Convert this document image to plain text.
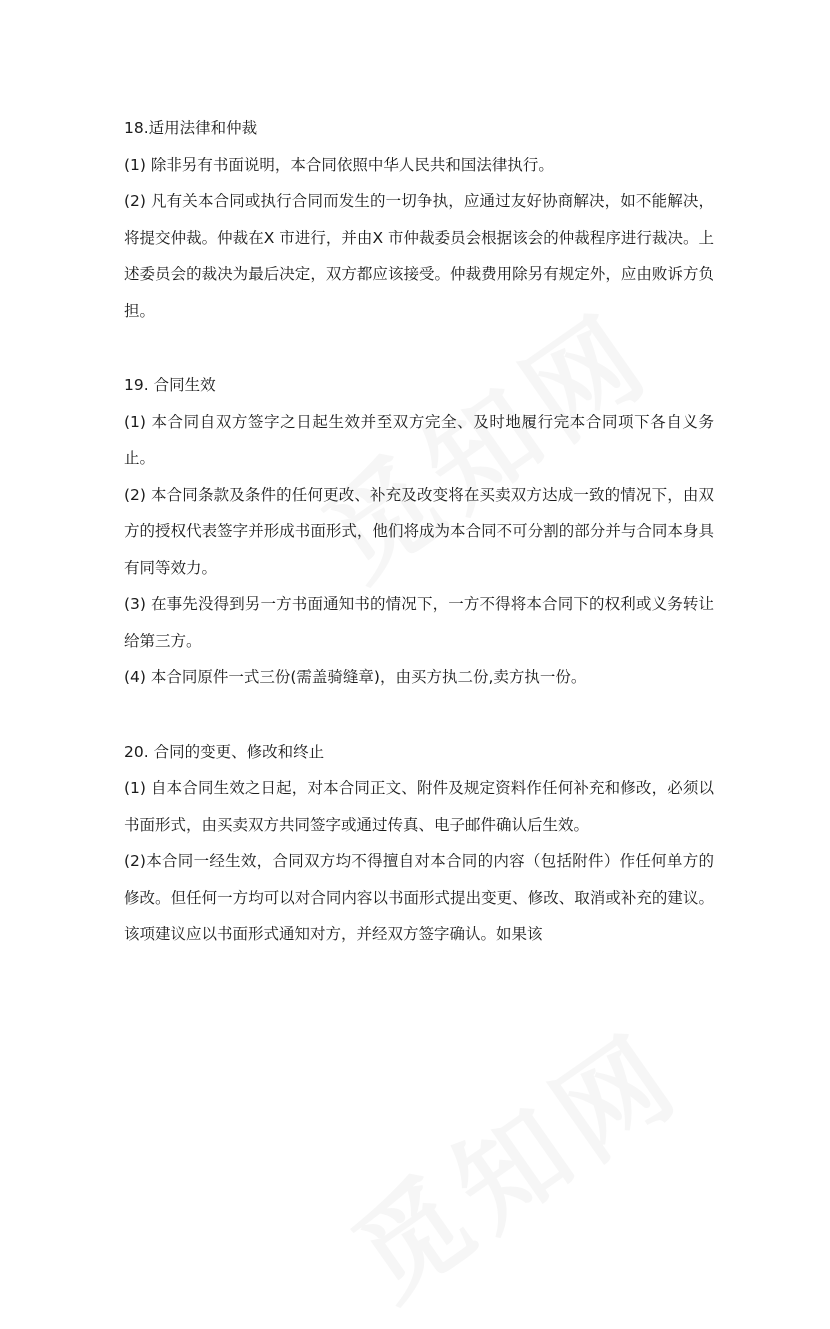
18.适用法律和仲裁

(1) 除非另有书面说明，本合同依照中华人民共和国法律执行。

(2) 凡有关本合同或执行合同而发生的一切争执，应通过友好协商解决，如不能解决，将提交仲裁。仲裁在X 市进行，并由X 市仲裁委员会根据该会的仲裁程序进行裁决。上述委员会的裁决为最后决定，双方都应该接受。仲裁费用除另有规定外，应由败诉方负担。

19. 合同生效

(1) 本合同自双方签字之日起生效并至双方完全、及时地履行完本合同项下各自义务止。

(2) 本合同条款及条件的任何更改、补充及改变将在买卖双方达成一致的情况下，由双方的授权代表签字并形成书面形式，他们将成为本合同不可分割的部分并与合同本身具有同等效力。

(3) 在事先没得到另一方书面通知书的情况下，一方不得将本合同下的权利或义务转让给第三方。

(4) 本合同原件一式三份(需盖骑缝章)，由买方执二份,卖方执一份。

20. 合同的变更、修改和终止

(1) 自本合同生效之日起，对本合同正文、附件及规定资料作任何补充和修改，必须以书面形式，由买卖双方共同签字或通过传真、电子邮件确认后生效。

(2)本合同一经生效，合同双方均不得擅自对本合同的内容（包括附件）作任何单方的修改。但任何一方均可以对合同内容以书面形式提出变更、修改、取消或补充的建议。该项建议应以书面形式通知对方，并经双方签字确认。如果该
